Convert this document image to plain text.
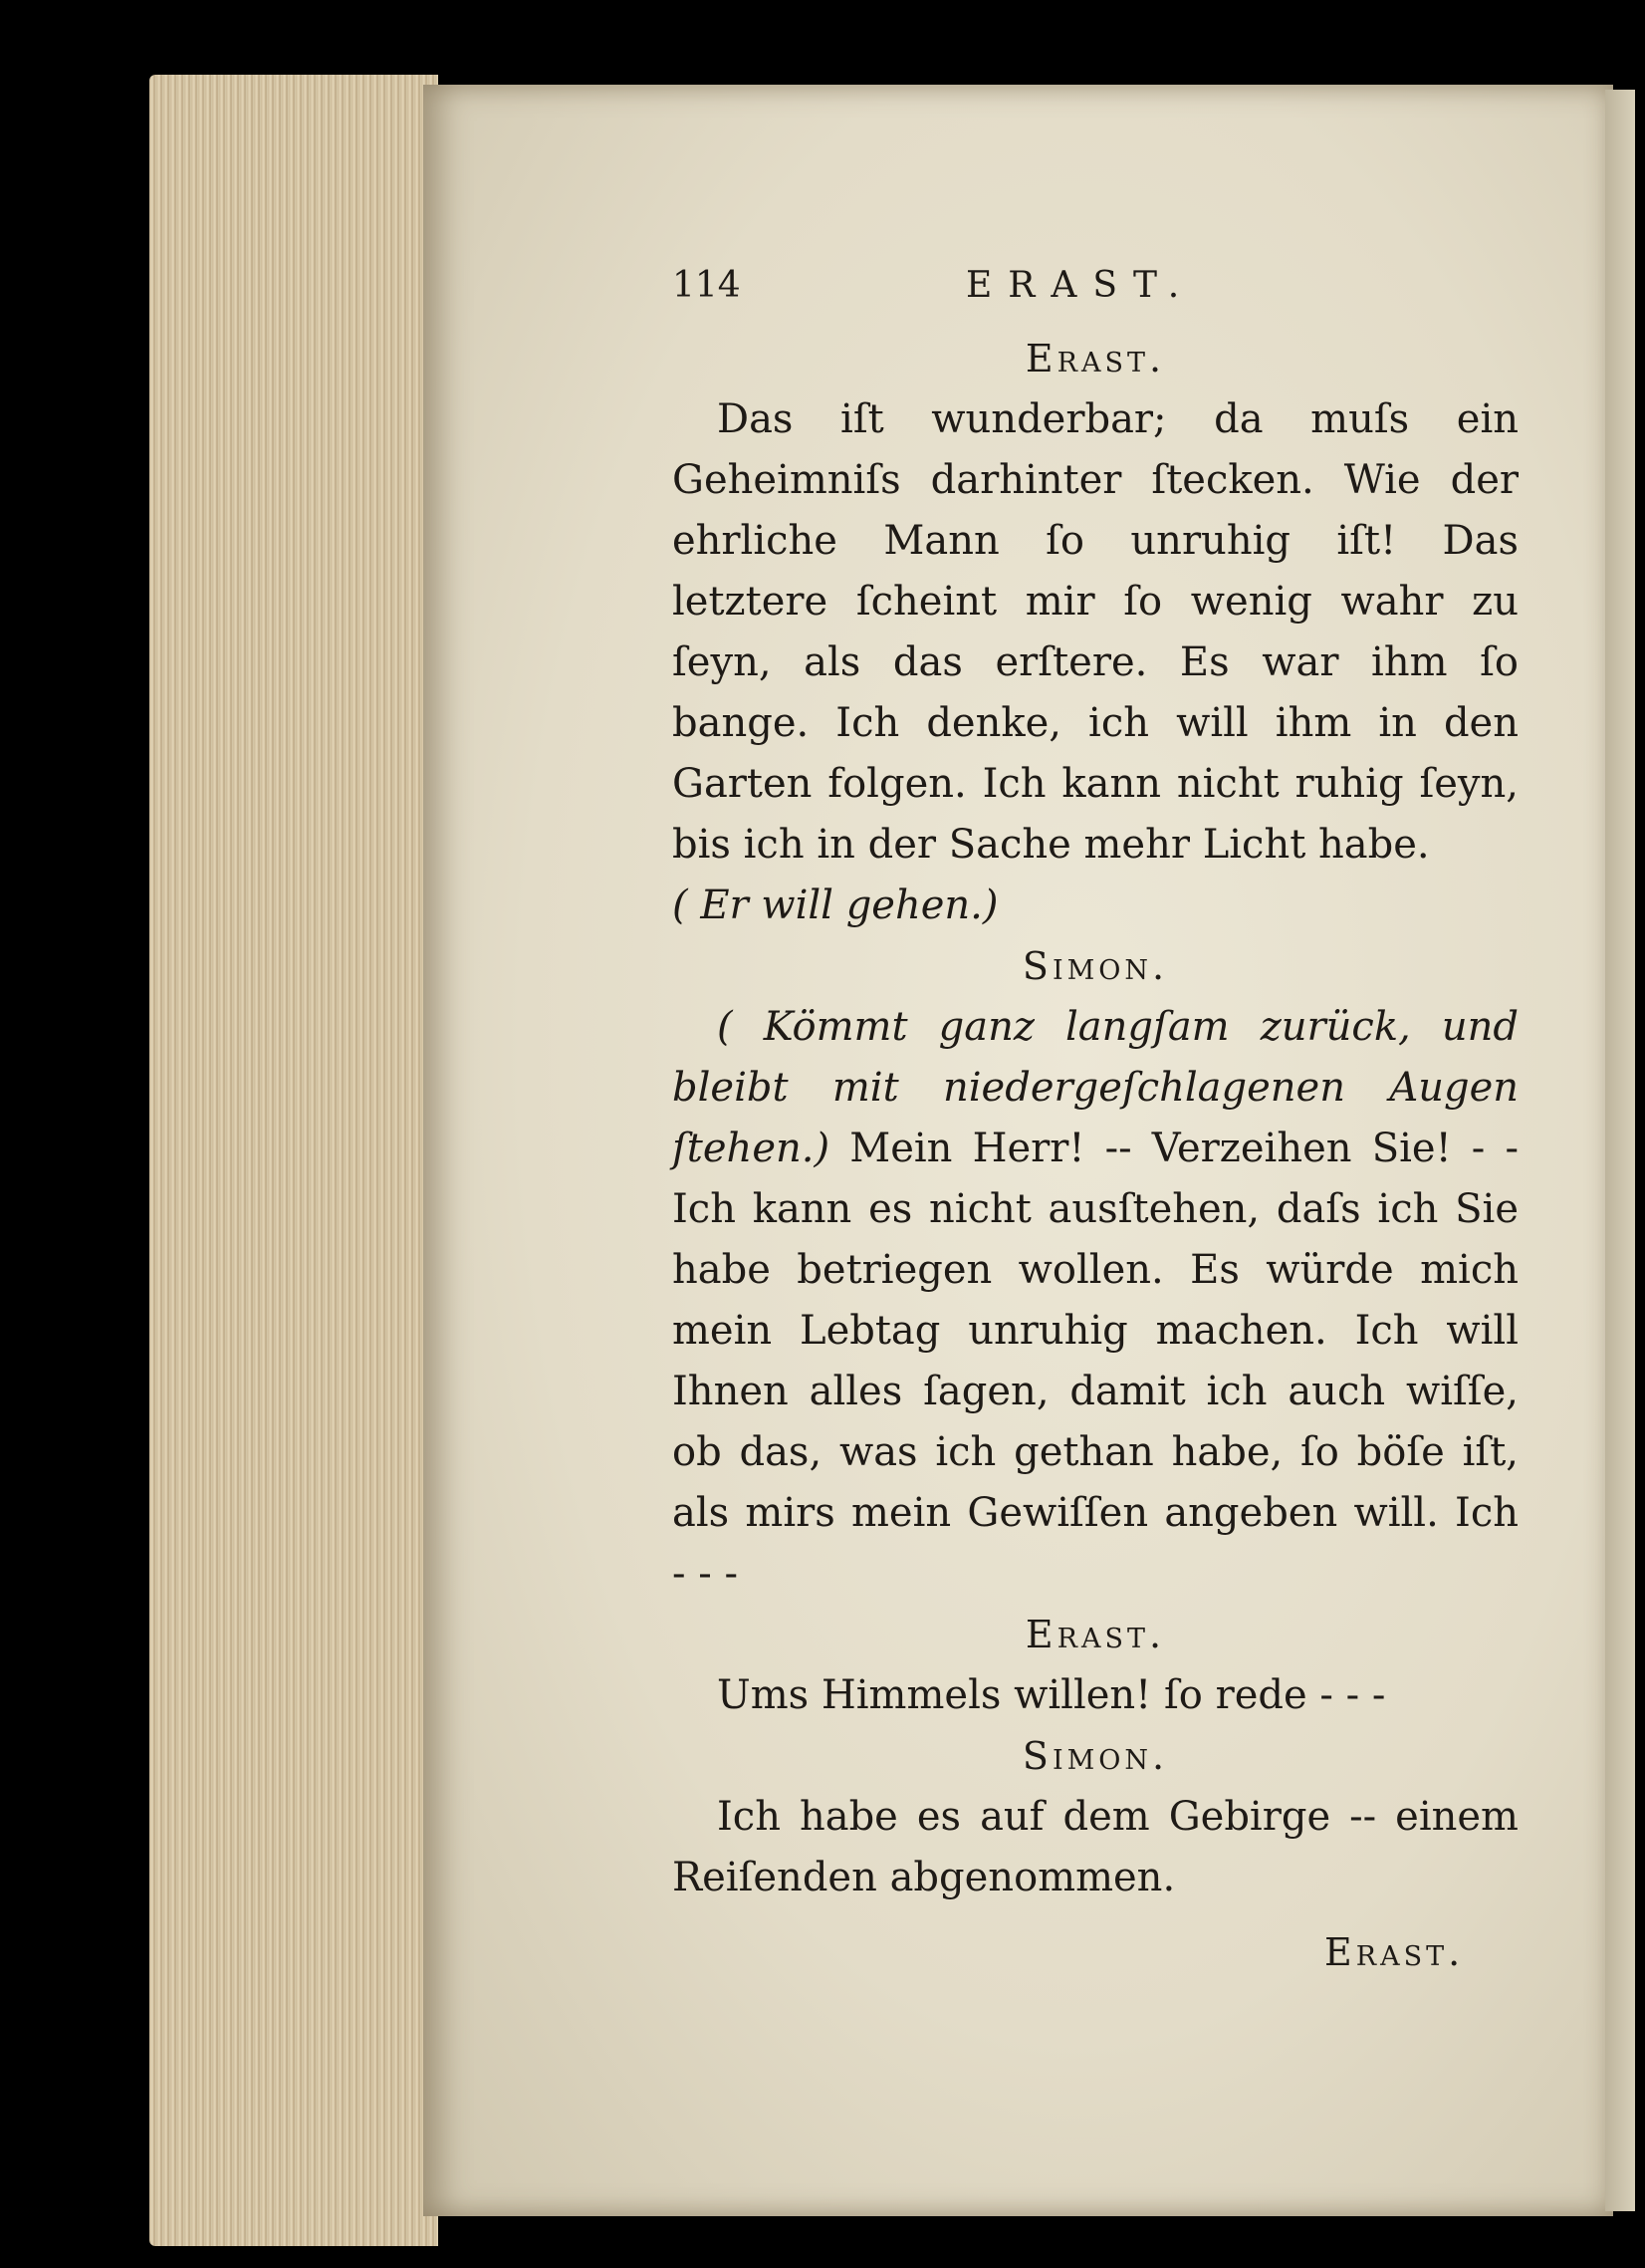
114	ERAST.
Erast.
Das iſt wunderbar; da muſs ein Geheimniſs darhinter ſtecken. Wie der ehrliche Mann ſo unruhig iſt! Das letztere ſcheint mir ſo wenig wahr zu ſeyn, als das erſtere. Es war ihm ſo bange. Ich denke, ich will ihm in den Garten folgen. Ich kann nicht ruhig ſeyn, bis ich in der Sache mehr Licht habe.
( Er will gehen.)
Simon.
( Kömmt ganz langſam zurück, und bleibt mit niedergeſchlagenen Augen ſtehen.) Mein Herr! -- Verzeihen Sie! - - Ich kann es nicht ausſtehen, daſs ich Sie habe betriegen wollen. Es würde mich mein Lebtag unruhig machen. Ich will Ihnen alles ſagen, damit ich auch wiſſe, ob das, was ich gethan habe, ſo böſe iſt, als mirs mein Gewiſſen angeben will. Ich - - -
Erast.
Ums Himmels willen! ſo rede - - -
Simon.
Ich habe es auf dem Gebirge -- einem Reiſenden abgenommen.
Erast.
